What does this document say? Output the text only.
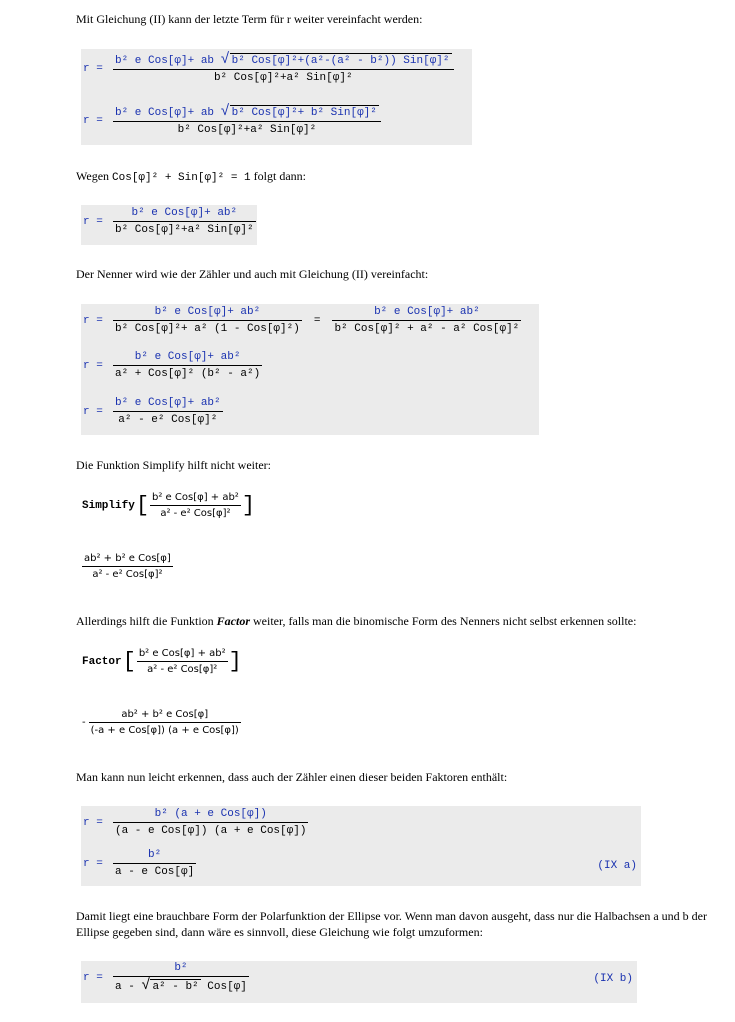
Mit Gleichung (II) kann der letzte Term für r weiter vereinfacht werden:
$r = \frac{\text{b² e Cos[φ]+ ab √ b² Cos[φ]²+(a²-(a² - b²)) Sin[φ]²}}{\text{b² Cos[φ]²+a² Sin[φ]²}}$
$r = \frac{\text{b² e Cos[φ]+ ab √ b² Cos[φ]²+ b² Sin[φ]²}}{\text{b² Cos[φ]²+a² Sin[φ]²}}$
Wegen Cos[φ]² + Sin[φ]² = 1 folgt dann:
$r = \frac{\text{b² e Cos[φ]+ ab²}}{\text{b² Cos[φ]²+a² Sin[φ]²}}$
Der Nenner wird wie der Zähler und auch mit Gleichung (II) vereinfacht:
$r = \frac{\text{b² e Cos[φ]+ ab²}}{\text{b² Cos[φ]²+ a² (1 - Cos[φ]²)}} = \frac{\text{b² e Cos[φ]+ ab²}}{\text{b² Cos[φ]² + a² - a² Cos[φ]²}}$
$r = \frac{\text{b² e Cos[φ]+ ab²}}{\text{a² + Cos[φ]² (b² - a²)}}$
$r = \frac{\text{b² e Cos[φ]+ ab²}}{\text{a² - e² Cos[φ]²}}$
Die Funktion Simplify hilft nicht weiter:
Simplify [ $\frac{\text{b² e Cos[φ] + ab²}}{\text{a² - e² Cos[φ]²}}$ ]
$\frac{\text{ab² + b² e Cos[φ]}}{\text{a² - e² Cos[φ]²}}$
Allerdings hilft die Funktion Factor weiter, falls man die binomische Form des Nenners nicht selbst erkennen sollte:
Factor [ $\frac{\text{b² e Cos[φ] + ab²}}{\text{a² - e² Cos[φ]²}}$ ]
- $\frac{\text{ab² + b² e Cos[φ]}}{\text{(-a + e Cos[φ]) (a + e Cos[φ])}}$
Man kann nun leicht erkennen, dass auch der Zähler einen dieser beiden Faktoren enthält:
$r = \frac{\text{b² (a + e Cos[φ])}}{\text{(a - e Cos[φ]) (a + e Cos[φ])}}$
$r = \frac{\text{b²}}{\text{a - e Cos[φ]}}$	(IX a)
Damit liegt eine brauchbare Form der Polarfunktion der Ellipse vor. Wenn man davon ausgeht, dass nur die Halbachsen a und b der Ellipse gegeben sind, dann wäre es sinnvoll, diese Gleichung wie folgt umzuformen:
$r = \frac{\text{b²}}{\text{a - √ a² - b² Cos[φ]}}$	(IX b)
